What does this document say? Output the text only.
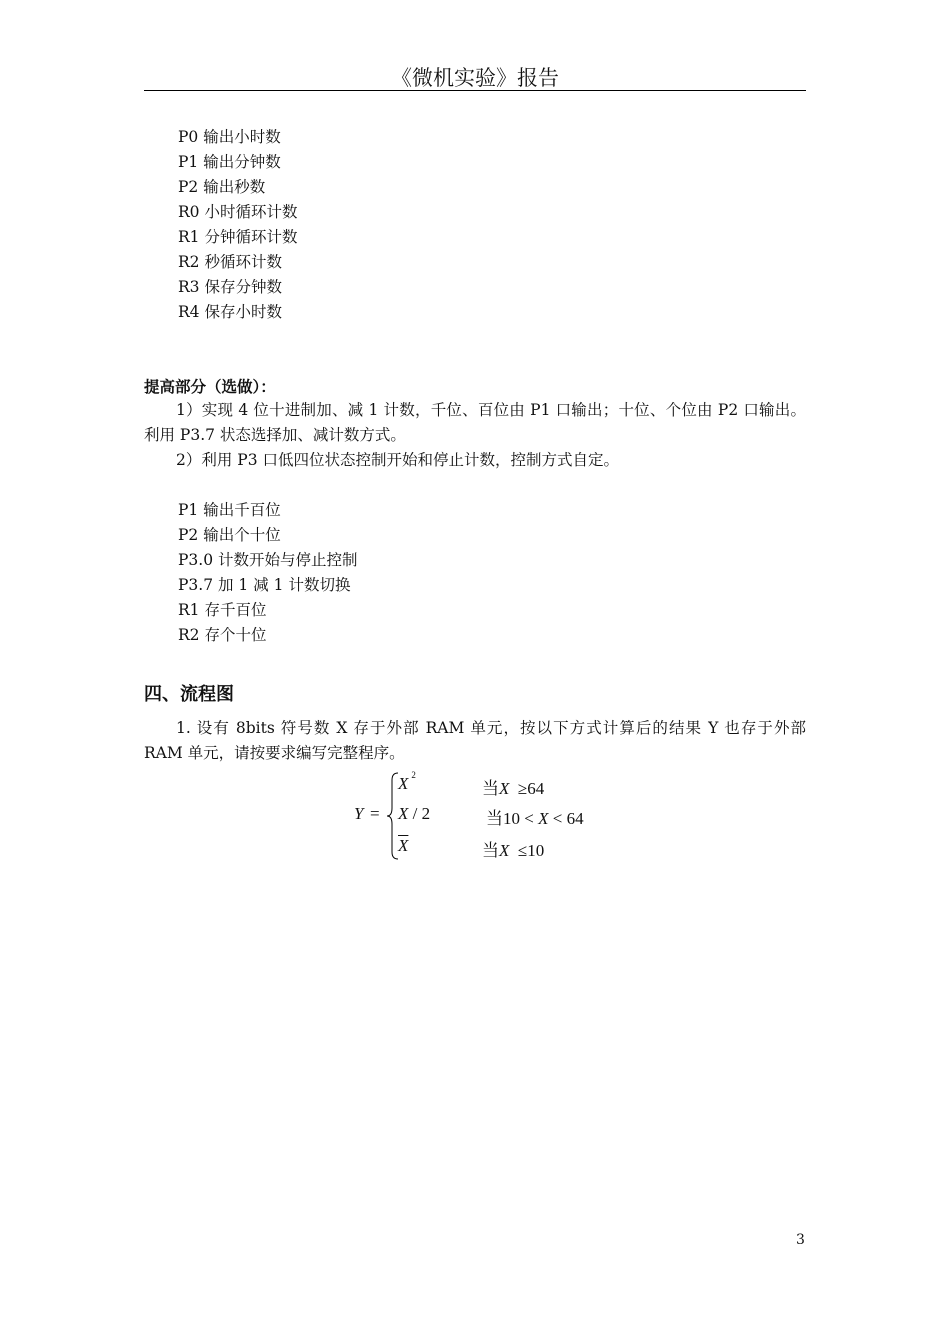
《微机实验》报告
P0 输出小时数
P1 输出分钟数
P2 输出秒数
R0 小时循环计数
R1 分钟循环计数
R2 秒循环计数
R3 保存分钟数
R4 保存小时数
提高部分（选做）：
1）实现 4 位十进制加、减 1 计数，千位、百位由 P1 口输出；十位、个位由 P2 口输出。利用 P3.7 状态选择加、减计数方式。
2）利用 P3 口低四位状态控制开始和停止计数，控制方式自定。
P1 输出千百位
P2 输出个十位
P3.0 计数开始与停止控制
P3.7 加 1 减 1 计数切换
R1 存千百位
R2 存个十位
四、流程图
1. 设有 8bits 符号数 X 存于外部 RAM 单元，按以下方式计算后的结果 Y 也存于外部 RAM 单元，请按要求编写完整程序。
Y =
X $^2$
当X ≥64
X / 2	当10 < X < 64
$\overline{X}$	当X ≤10
3
